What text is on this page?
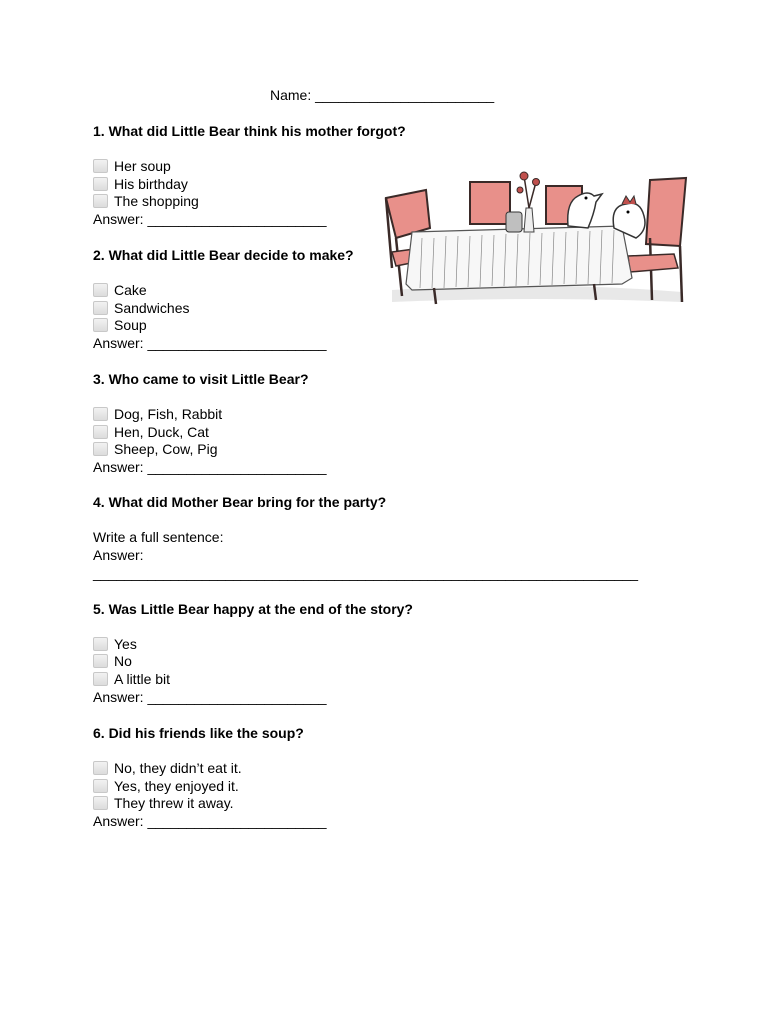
Name: _______________________
1. What did Little Bear think his mother forgot?
Her soup
His birthday
The shopping
Answer: _______________________
2. What did Little Bear decide to make?
Cake
Sandwiches
Soup
Answer: _______________________
3. Who came to visit Little Bear?
Dog, Fish, Rabbit
Hen, Duck, Cat
Sheep, Cow, Pig
Answer: _______________________
4. What did Mother Bear bring for the party?
Write a full sentence:
Answer:
______________________________________________________________________
5. Was Little Bear happy at the end of the story?
Yes
No
A little bit
Answer: _______________________
6. Did his friends like the soup?
No, they didn’t eat it.
Yes, they enjoyed it.
They threw it away.
Answer: _______________________
